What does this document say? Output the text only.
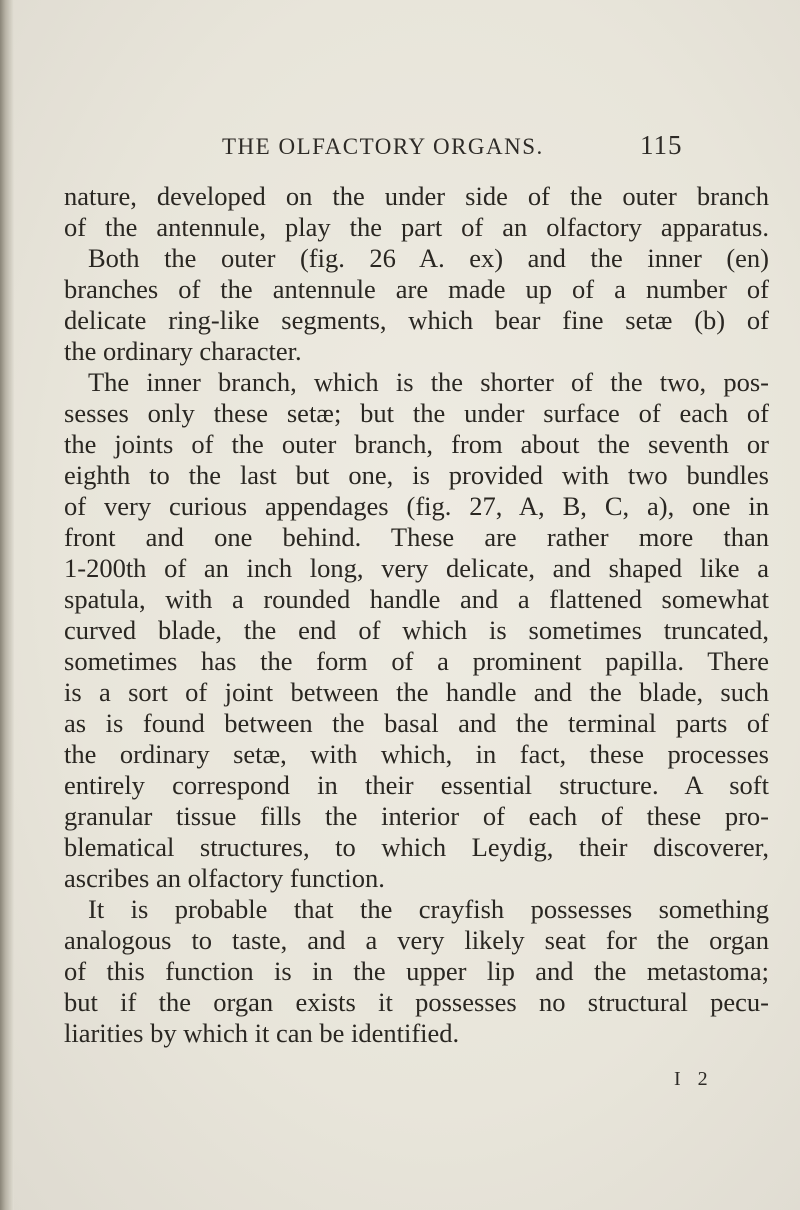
THE OLFACTORY ORGANS.	115
nature, developed on the under side of the outer branch
of the antennule, play the part of an olfactory apparatus.
Both the outer (fig. 26 A. ex) and the inner (en)
branches of the antennule are made up of a number of
delicate ring-like segments, which bear fine setæ (b) of
the ordinary character.
The inner branch, which is the shorter of the two, pos-
sesses only these setæ; but the under surface of each of
the joints of the outer branch, from about the seventh or
eighth to the last but one, is provided with two bundles
of very curious appendages (fig. 27, A, B, C, a), one in
front and one behind. These are rather more than
1-200th of an inch long, very delicate, and shaped like a
spatula, with a rounded handle and a flattened somewhat
curved blade, the end of which is sometimes truncated,
sometimes has the form of a prominent papilla. There
is a sort of joint between the handle and the blade, such
as is found between the basal and the terminal parts of
the ordinary setæ, with which, in fact, these processes
entirely correspond in their essential structure. A soft
granular tissue fills the interior of each of these pro-
blematical structures, to which Leydig, their discoverer,
ascribes an olfactory function.
It is probable that the crayfish possesses something
analogous to taste, and a very likely seat for the organ
of this function is in the upper lip and the metastoma;
but if the organ exists it possesses no structural pecu-
liarities by which it can be identified.
I 2
